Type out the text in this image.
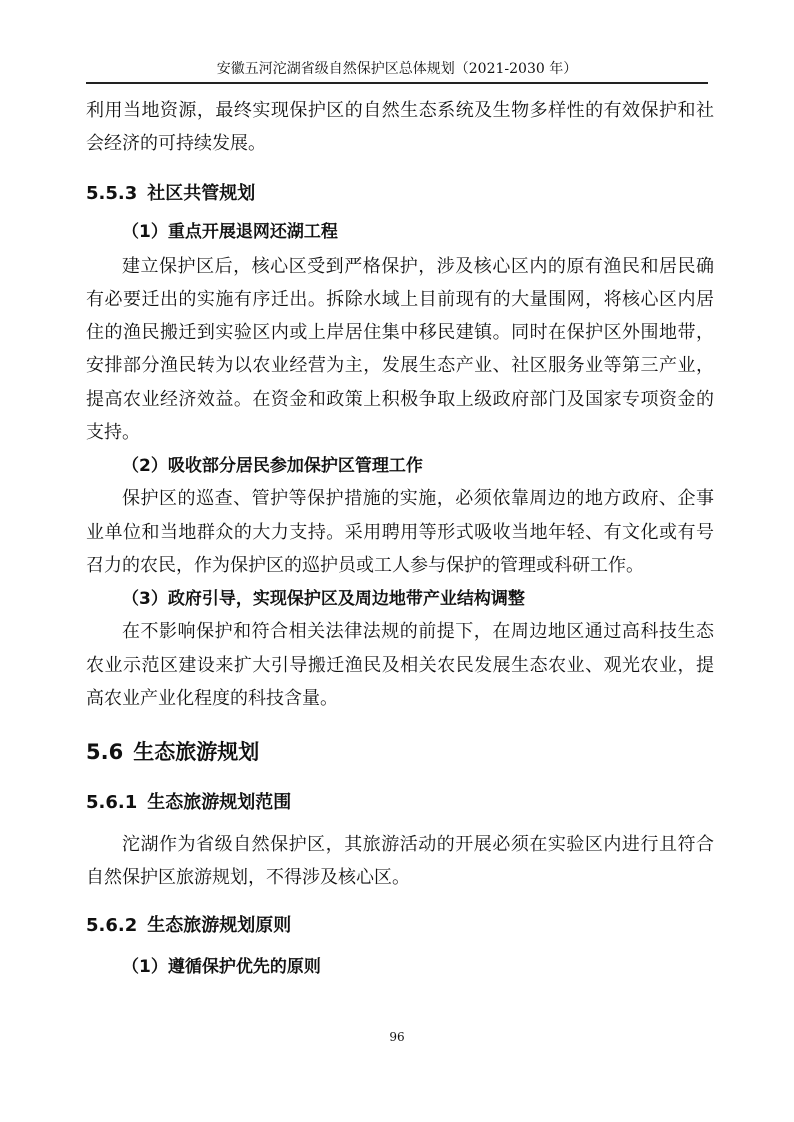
安徽五河沱湖省级自然保护区总体规划（2021-2030 年）

利用当地资源，最终实现保护区的自然生态系统及生物多样性的有效保护和社会经济的可持续发展。

5.5.3 社区共管规划
（1）重点开展退网还湖工程

建立保护区后，核心区受到严格保护，涉及核心区内的原有渔民和居民确有必要迁出的实施有序迁出。拆除水域上目前现有的大量围网，将核心区内居住的渔民搬迁到实验区内或上岸居住集中移民建镇。同时在保护区外围地带，安排部分渔民转为以农业经营为主，发展生态产业、社区服务业等第三产业，提高农业经济效益。在资金和政策上积极争取上级政府部门及国家专项资金的支持。

（2）吸收部分居民参加保护区管理工作

保护区的巡查、管护等保护措施的实施，必须依靠周边的地方政府、企事业单位和当地群众的大力支持。采用聘用等形式吸收当地年轻、有文化或有号召力的农民，作为保护区的巡护员或工人参与保护的管理或科研工作。

（3）政府引导，实现保护区及周边地带产业结构调整

在不影响保护和符合相关法律法规的前提下，在周边地区通过高科技生态农业示范区建设来扩大引导搬迁渔民及相关农民发展生态农业、观光农业，提高农业产业化程度的科技含量。

5.6 生态旅游规划
5.6.1 生态旅游规划范围

沱湖作为省级自然保护区，其旅游活动的开展必须在实验区内进行且符合自然保护区旅游规划，不得涉及核心区。

5.6.2 生态旅游规划原则
（1）遵循保护优先的原则
96
